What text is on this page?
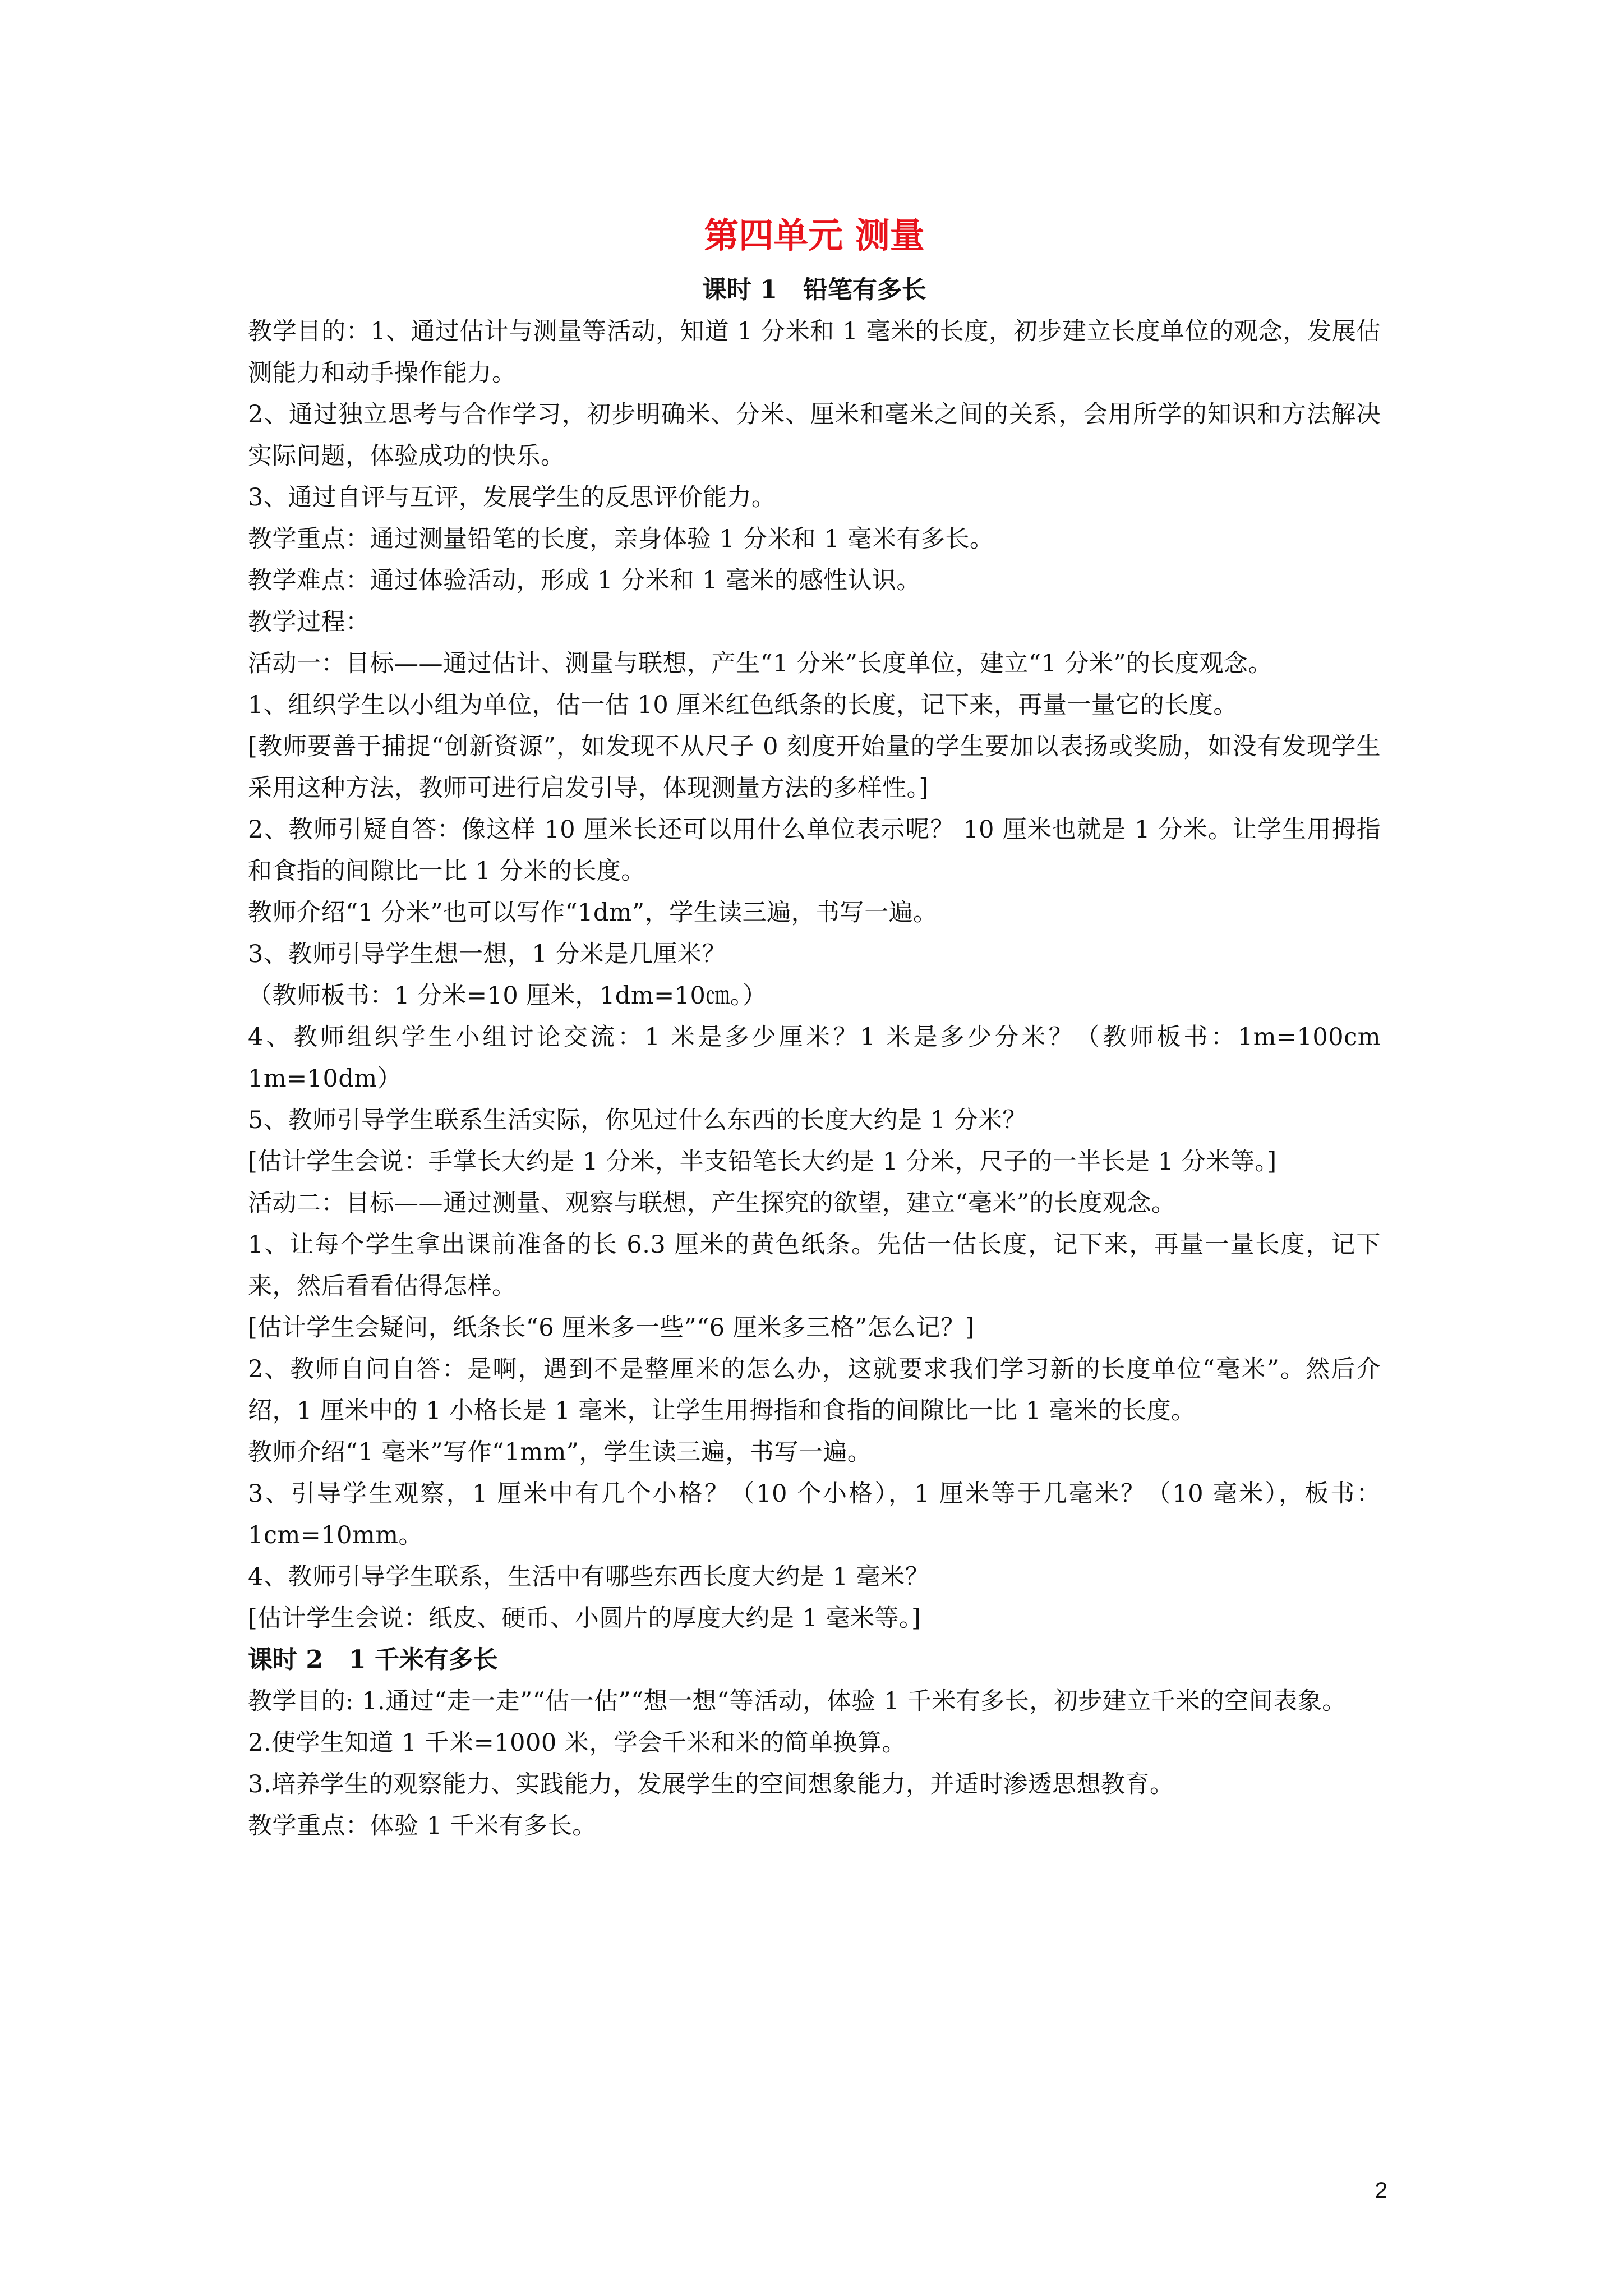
第四单元 测量
课时 1   铅笔有多长

教学目的：1、通过估计与测量等活动，知道 1 分米和 1 毫米的长度，初步建立长度单位的观念，发展估测能力和动手操作能力。

2、通过独立思考与合作学习，初步明确米、分米、厘米和毫米之间的关系，会用所学的知识和方法解决实际问题，体验成功的快乐。

3、通过自评与互评，发展学生的反思评价能力。

教学重点：通过测量铅笔的长度，亲身体验 1 分米和 1 毫米有多长。

教学难点：通过体验活动，形成 1 分米和 1 毫米的感性认识。

教学过程：

活动一：目标——通过估计、测量与联想，产生“1 分米”长度单位，建立“1 分米”的长度观念。

1、组织学生以小组为单位，估一估 10 厘米红色纸条的长度，记下来，再量一量它的长度。

[教师要善于捕捉“创新资源”，如发现不从尺子 0 刻度开始量的学生要加以表扬或奖励，如没有发现学生采用这种方法，教师可进行启发引导，体现测量方法的多样性。]

2、教师引疑自答：像这样 10 厘米长还可以用什么单位表示呢？ 10 厘米也就是 1 分米。让学生用拇指和食指的间隙比一比 1 分米的长度。

教师介绍“1 分米”也可以写作“1dm”，学生读三遍，书写一遍。

3、教师引导学生想一想，1 分米是几厘米？

（教师板书：1 分米=10 厘米，1dm=10㎝。）

4、教师组织学生小组讨论交流：1 米是多少厘米？1 米是多少分米？（教师板书：1m=100cm 1m=10dm）

5、教师引导学生联系生活实际，你见过什么东西的长度大约是 1 分米？

[估计学生会说：手掌长大约是 1 分米，半支铅笔长大约是 1 分米，尺子的一半长是 1 分米等。]

活动二：目标——通过测量、观察与联想，产生探究的欲望，建立“毫米”的长度观念。

1、让每个学生拿出课前准备的长 6.3 厘米的黄色纸条。先估一估长度，记下来，再量一量长度，记下来，然后看看估得怎样。

[估计学生会疑问，纸条长“6 厘米多一些”“6 厘米多三格”怎么记？]

2、教师自问自答：是啊，遇到不是整厘米的怎么办，这就要求我们学习新的长度单位“毫米”。然后介绍，1 厘米中的 1 小格长是 1 毫米，让学生用拇指和食指的间隙比一比 1 毫米的长度。

教师介绍“1 毫米”写作“1mm”，学生读三遍，书写一遍。

3、引导学生观察，1 厘米中有几个小格？（10 个小格），1 厘米等于几毫米？（10 毫米），板书：1cm=10mm。

4、教师引导学生联系，生活中有哪些东西长度大约是 1 毫米？

[估计学生会说：纸皮、硬币、小圆片的厚度大约是 1 毫米等。]

课时 2   1 千米有多长

教学目的: 1.通过“走一走”“估一估”“想一想“等活动，体验 1 千米有多长，初步建立千米的空间表象。

2.使学生知道 1 千米=1000 米，学会千米和米的简单换算。

3.培养学生的观察能力、实践能力，发展学生的空间想象能力，并适时渗透思想教育。

教学重点：体验 1 千米有多长。

2
